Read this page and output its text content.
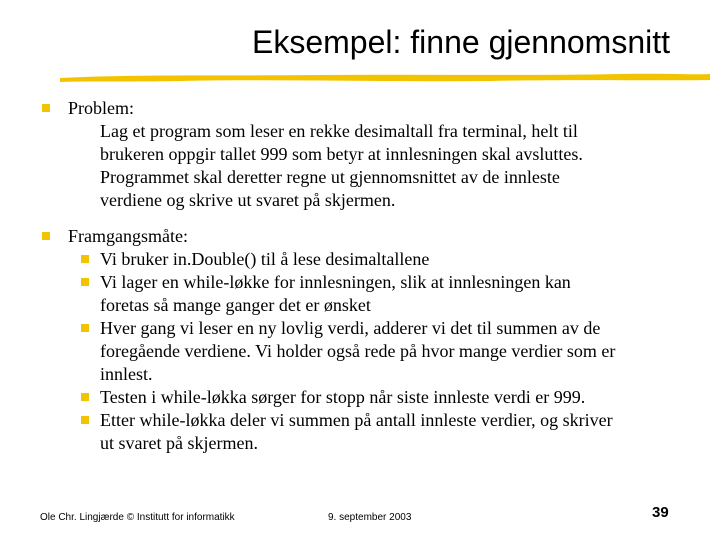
Eksempel: finne gjennomsnitt
Problem:
Lag et program som leser en rekke desimaltall fra terminal, helt til
brukeren oppgir tallet 999 som betyr at innlesningen skal avsluttes.
Programmet skal deretter regne ut gjennomsnittet av de innleste
verdiene og skrive ut svaret på skjermen.
Framgangsmåte:
Vi bruker in.Double() til å lese desimaltallene
Vi lager en while-løkke for innlesningen, slik at innlesningen kan
foretas så mange ganger det er ønsket
Hver gang vi leser en ny lovlig verdi, adderer vi det til summen av de
foregående verdiene. Vi holder også rede på hvor mange verdier som er
innlest.
Testen i while-løkka sørger for stopp når siste innleste verdi er 999.
Etter while-løkka deler vi summen på antall innleste verdier, og skriver
ut svaret på skjermen.
Ole Chr. Lingjærde © Institutt for informatikk	9. september 2003	39
